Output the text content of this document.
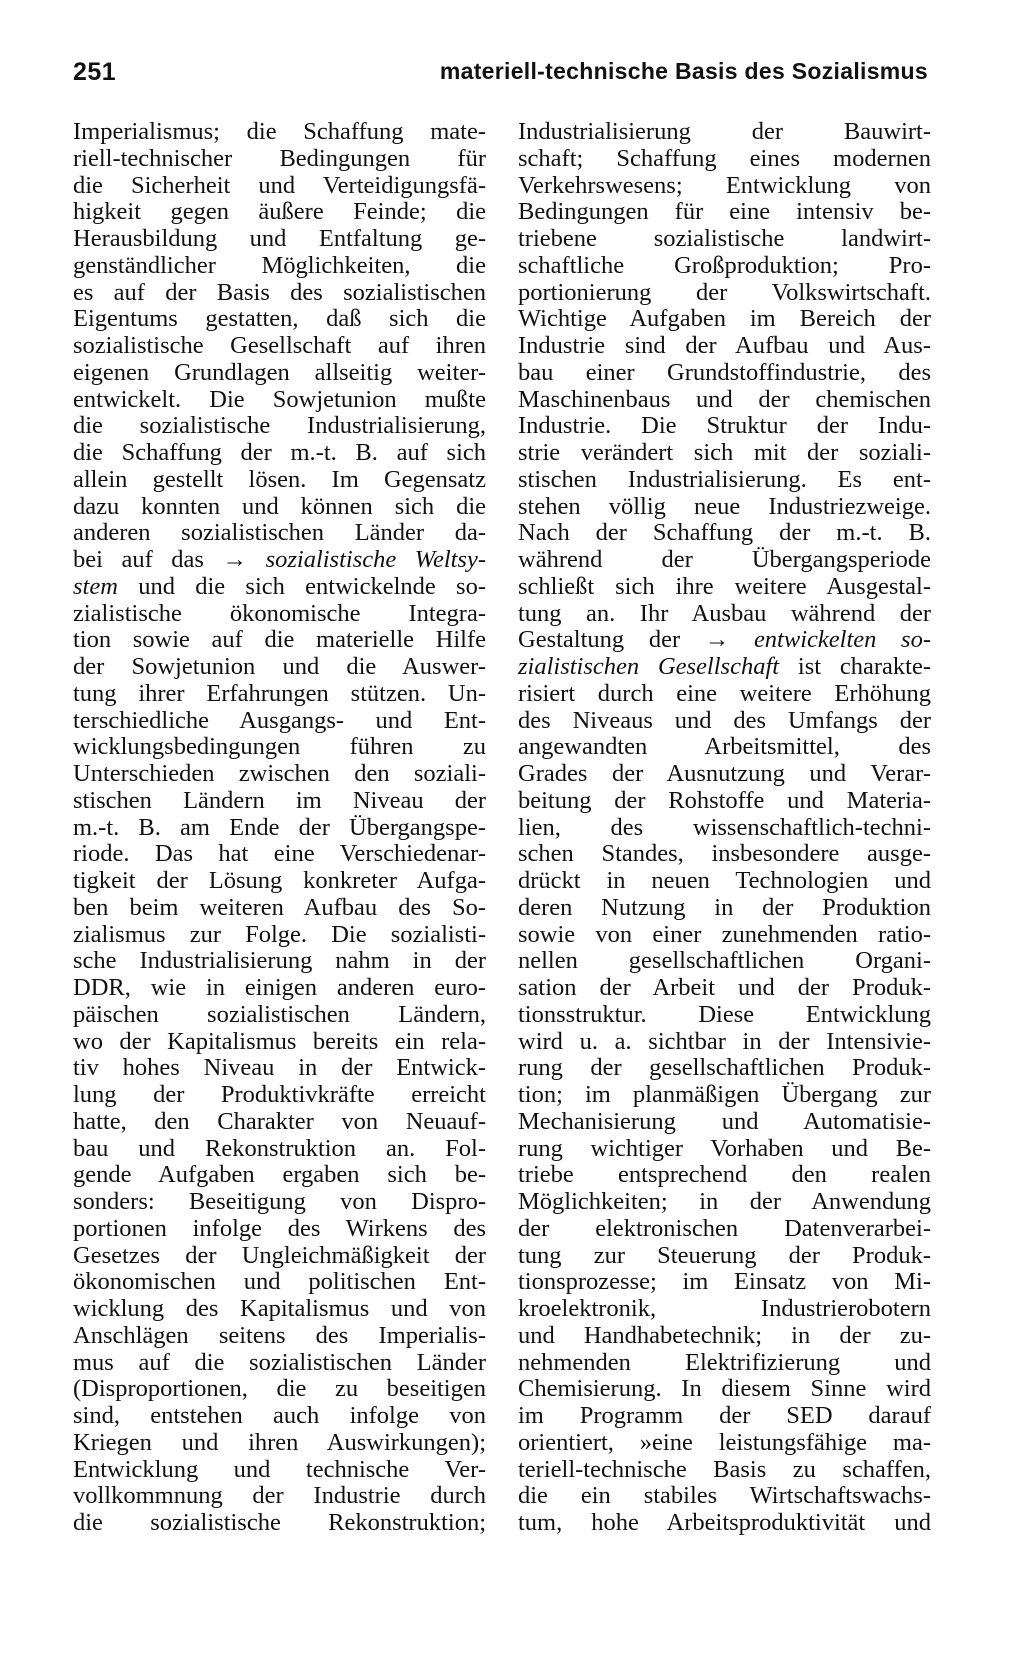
251	materiell-technische Basis des Sozialismus
Imperialismus; die Schaffung mate-
riell-technischer Bedingungen für
die Sicherheit und Verteidigungsfä-
higkeit gegen äußere Feinde; die
Herausbildung und Entfaltung ge-
genständlicher Möglichkeiten, die
es auf der Basis des sozialistischen
Eigentums gestatten, daß sich die
sozialistische Gesellschaft auf ihren
eigenen Grundlagen allseitig weiter-
entwickelt. Die Sowjetunion mußte
die sozialistische Industrialisierung,
die Schaffung der m.-t. B. auf sich
allein gestellt lösen. Im Gegensatz
dazu konnten und können sich die
anderen sozialistischen Länder da-
bei auf das → sozialistische Weltsy-
stem und die sich entwickelnde so-
zialistische ökonomische Integra-
tion sowie auf die materielle Hilfe
der Sowjetunion und die Auswer-
tung ihrer Erfahrungen stützen. Un-
terschiedliche Ausgangs- und Ent-
wicklungsbedingungen führen zu
Unterschieden zwischen den soziali-
stischen Ländern im Niveau der
m.-t. B. am Ende der Übergangspe-
riode. Das hat eine Verschiedenar-
tigkeit der Lösung konkreter Aufga-
ben beim weiteren Aufbau des So-
zialismus zur Folge. Die sozialisti-
sche Industrialisierung nahm in der
DDR, wie in einigen anderen euro-
päischen sozialistischen Ländern,
wo der Kapitalismus bereits ein rela-
tiv hohes Niveau in der Entwick-
lung der Produktivkräfte erreicht
hatte, den Charakter von Neuauf-
bau und Rekonstruktion an. Fol-
gende Aufgaben ergaben sich be-
sonders: Beseitigung von Dispro-
portionen infolge des Wirkens des
Gesetzes der Ungleichmäßigkeit der
ökonomischen und politischen Ent-
wicklung des Kapitalismus und von
Anschlägen seitens des Imperialis-
mus auf die sozialistischen Länder
(Disproportionen, die zu beseitigen
sind, entstehen auch infolge von
Kriegen und ihren Auswirkungen);
Entwicklung und technische Ver-
vollkommnung der Industrie durch
die sozialistische Rekonstruktion;
Industrialisierung der Bauwirt-
schaft; Schaffung eines modernen
Verkehrswesens; Entwicklung von
Bedingungen für eine intensiv be-
triebene sozialistische landwirt-
schaftliche Großproduktion; Pro-
portionierung der Volkswirtschaft.
Wichtige Aufgaben im Bereich der
Industrie sind der Aufbau und Aus-
bau einer Grundstoffindustrie, des
Maschinenbaus und der chemischen
Industrie. Die Struktur der Indu-
strie verändert sich mit der soziali-
stischen Industrialisierung. Es ent-
stehen völlig neue Industriezweige.
Nach der Schaffung der m.-t. B.
während der Übergangsperiode
schließt sich ihre weitere Ausgestal-
tung an. Ihr Ausbau während der
Gestaltung der → entwickelten so-
zialistischen Gesellschaft ist charakte-
risiert durch eine weitere Erhöhung
des Niveaus und des Umfangs der
angewandten Arbeitsmittel, des
Grades der Ausnutzung und Verar-
beitung der Rohstoffe und Materia-
lien, des wissenschaftlich-techni-
schen Standes, insbesondere ausge-
drückt in neuen Technologien und
deren Nutzung in der Produktion
sowie von einer zunehmenden ratio-
nellen gesellschaftlichen Organi-
sation der Arbeit und der Produk-
tionsstruktur. Diese Entwicklung
wird u. a. sichtbar in der Intensivie-
rung der gesellschaftlichen Produk-
tion; im planmäßigen Übergang zur
Mechanisierung und Automatisie-
rung wichtiger Vorhaben und Be-
triebe entsprechend den realen
Möglichkeiten; in der Anwendung
der elektronischen Datenverarbei-
tung zur Steuerung der Produk-
tionsprozesse; im Einsatz von Mi-
kroelektronik, Industrierobotern
und Handhabetechnik; in der zu-
nehmenden Elektrifizierung und
Chemisierung. In diesem Sinne wird
im Programm der SED darauf
orientiert, »eine leistungsfähige ma-
teriell-technische Basis zu schaffen,
die ein stabiles Wirtschaftswachs-
tum, hohe Arbeitsproduktivität und
